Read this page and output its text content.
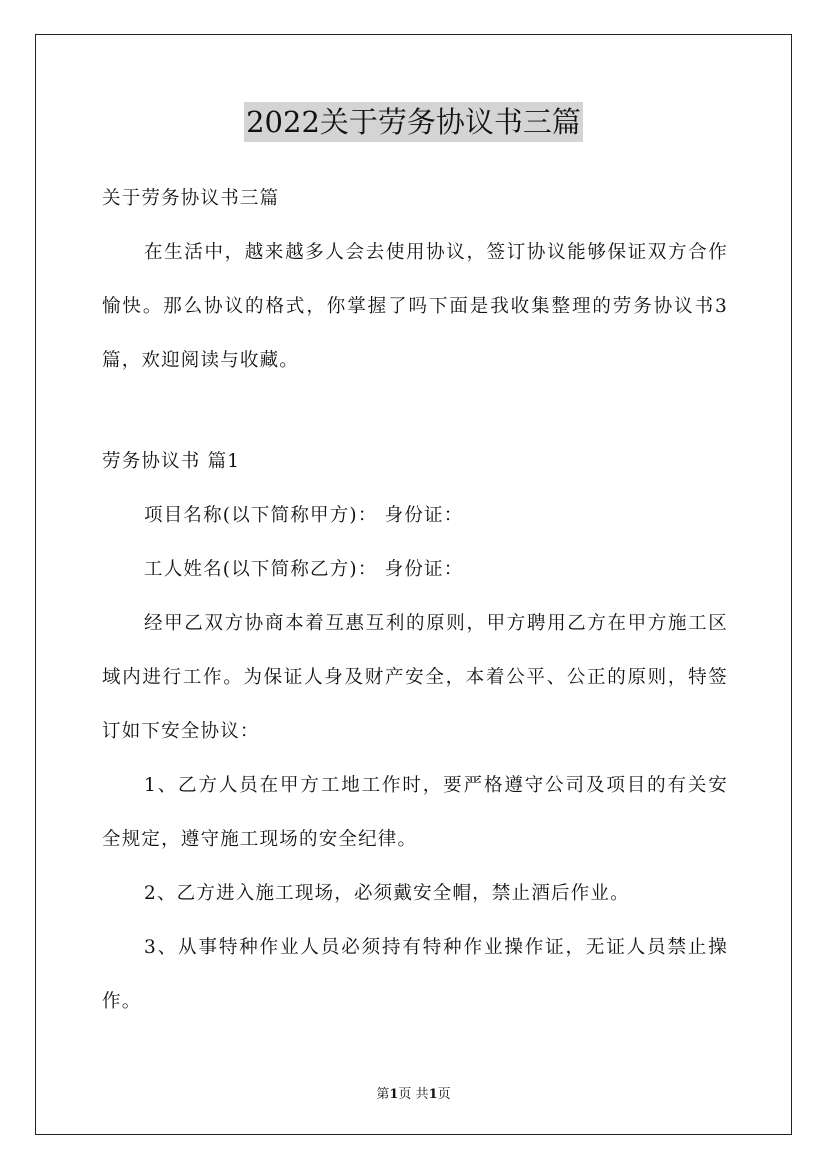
2022关于劳务协议书三篇

关于劳务协议书三篇

在生活中，越来越多人会去使用协议，签订协议能够保证双方合作愉快。那么协议的格式，你掌握了吗下面是我收集整理的劳务协议书3篇，欢迎阅读与收藏。

劳务协议书 篇1

项目名称(以下简称甲方)： 身份证：

工人姓名(以下简称乙方)： 身份证：

经甲乙双方协商本着互惠互利的原则，甲方聘用乙方在甲方施工区域内进行工作。为保证人身及财产安全，本着公平、公正的原则，特签订如下安全协议：

1、乙方人员在甲方工地工作时，要严格遵守公司及项目的有关安全规定，遵守施工现场的安全纪律。

2、乙方进入施工现场，必须戴安全帽，禁止酒后作业。

3、从事特种作业人员必须持有特种作业操作证，无证人员禁止操作。

第1页 共1页
